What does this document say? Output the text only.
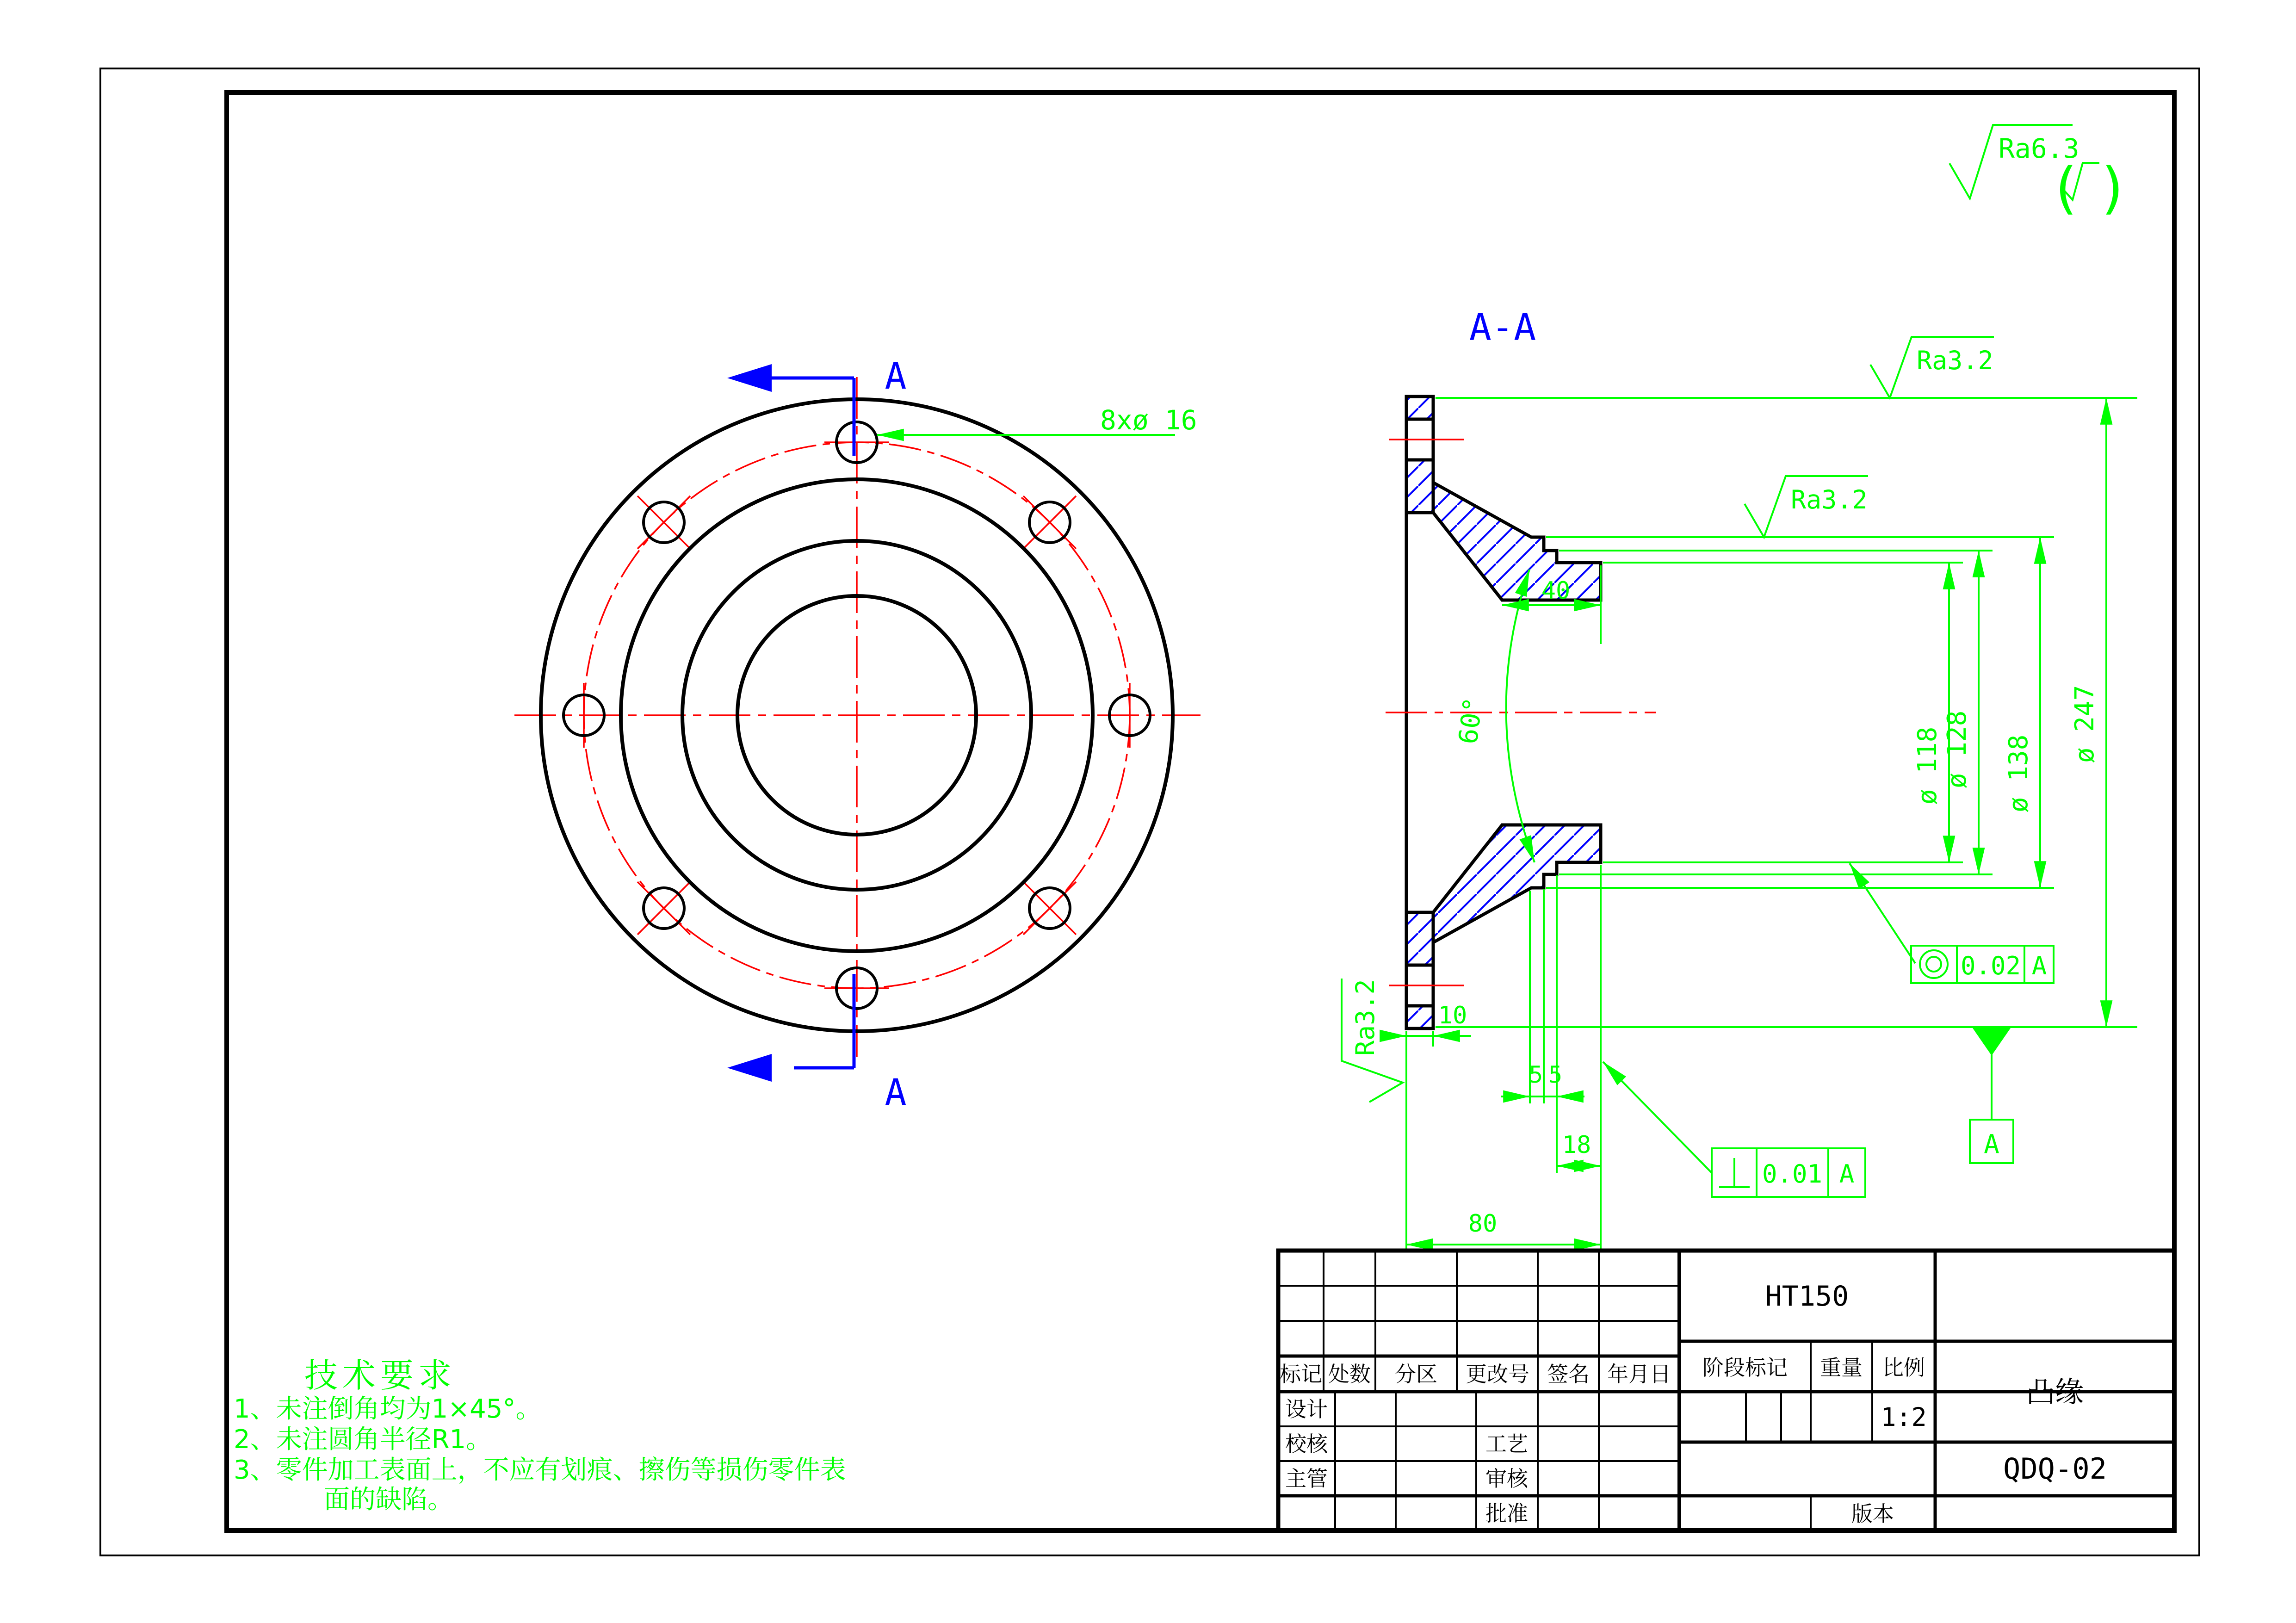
8xø 16
A
A
A-A
10
5 5
18
80
40
60°
ø 118 ø 128 ø 138
ø 247
Ra3.2
Ra3.2
Ra3.2
Ra6.3
( )
0.02 A
0.01 A
A
技术要求
1、未注倒角均为1×45°。
2、未注圆角半径R1。
3、零件加工表面上，不应有划痕、擦伤等损伤零件表
面的缺陷。
标记 处数 分区 更改号 签名 年月日
设计
校核
主管
工艺
审核
批准
HT150
阶段标记 重量 比例
1:2
凸缘
QDQ-02
版本
